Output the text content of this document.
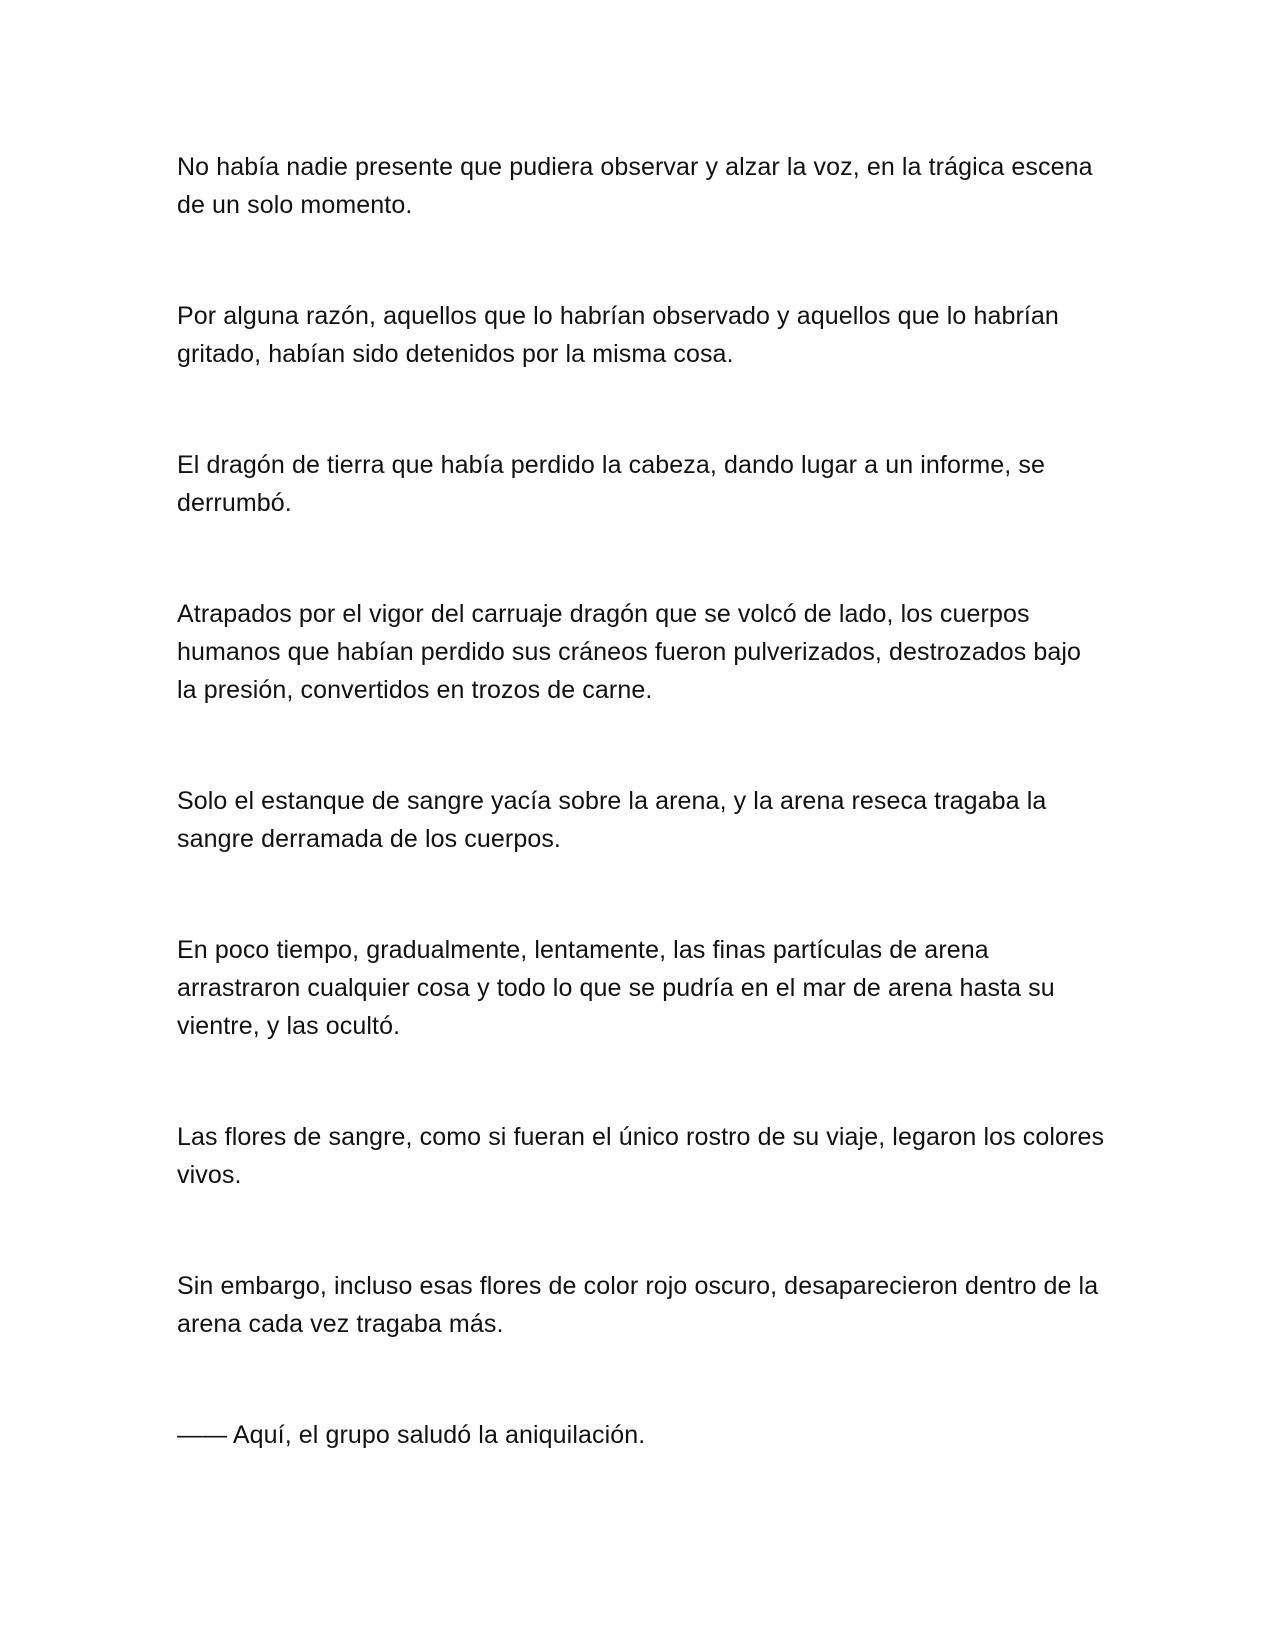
No había nadie presente que pudiera observar y alzar la voz, en la trágica escena de un solo momento.

Por alguna razón, aquellos que lo habrían observado y aquellos que lo habrían gritado, habían sido detenidos por la misma cosa.

El dragón de tierra que había perdido la cabeza, dando lugar a un informe, se derrumbó.

Atrapados por el vigor del carruaje dragón que se volcó de lado, los cuerpos humanos que habían perdido sus cráneos fueron pulverizados, destrozados bajo la presión, convertidos en trozos de carne.

Solo el estanque de sangre yacía sobre la arena, y la arena reseca tragaba la sangre derramada de los cuerpos.

En poco tiempo, gradualmente, lentamente, las finas partículas de arena arrastraron cualquier cosa y todo lo que se pudría en el mar de arena hasta su vientre, y las ocultó.

Las flores de sangre, como si fueran el único rostro de su viaje, legaron los colores vivos.

Sin embargo, incluso esas flores de color rojo oscuro, desaparecieron dentro de la arena cada vez tragaba más.

—— Aquí, el grupo saludó la aniquilación.
